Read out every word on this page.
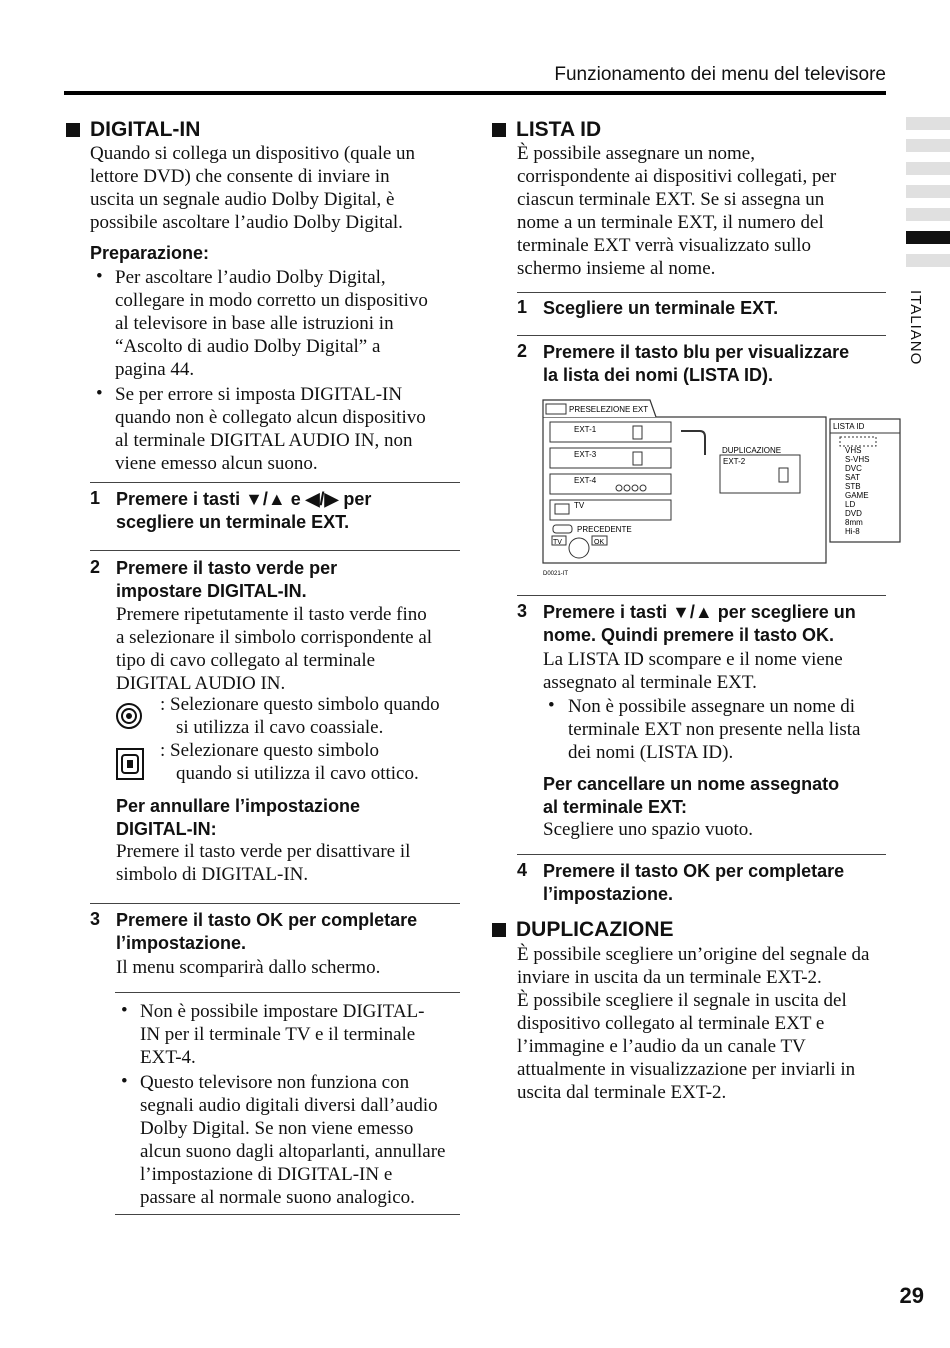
Funzionamento dei menu del televisore
ITALIANO
DIGITAL-IN
Quando si collega un dispositivo (quale un
lettore DVD) che consente di inviare in
uscita un segnale audio Dolby Digital, è
possibile ascoltare l’audio Dolby Digital.
Preparazione:
• Per ascoltare l’audio Dolby Digital,
collegare in modo corretto un dispositivo
al televisore in base alle istruzioni in
“Ascolto di audio Dolby Digital” a
pagina 44.
• Se per errore si imposta DIGITAL-IN
quando non è collegato alcun dispositivo
al terminale DIGITAL AUDIO IN, non
viene emesso alcun suono.
1 Premere i tasti ▼/▲ e ◀/▶ per
scegliere un terminale EXT.
2 Premere il tasto verde per
impostare DIGITAL-IN.
Premere ripetutamente il tasto verde fino
a selezionare il simbolo corrispondente al
tipo di cavo collegato al terminale
DIGITAL AUDIO IN.
: Selezionare questo simbolo quando
si utilizza il cavo coassiale.
: Selezionare questo simbolo
quando si utilizza il cavo ottico.
Per annullare l’impostazione
DIGITAL-IN:
Premere il tasto verde per disattivare il
simbolo di DIGITAL-IN.
3 Premere il tasto OK per completare
l’impostazione.
Il menu scomparirà dallo schermo.
• Non è possibile impostare DIGITAL-
IN per il terminale TV e il terminale
EXT-4.
• Questo televisore non funziona con
segnali audio digitali diversi dall’audio
Dolby Digital. Se non viene emesso
alcun suono dagli altoparlanti, annullare
l’impostazione di DIGITAL-IN e
passare al normale suono analogico.
LISTA ID
È possibile assegnare un nome,
corrispondente ai dispositivi collegati, per
ciascun terminale EXT. Se si assegna un
nome a un terminale EXT, il numero del
terminale EXT verrà visualizzato sullo
schermo insieme al nome.
1 Scegliere un terminale EXT.
2 Premere il tasto blu per visualizzare
la lista dei nomi (LISTA ID).
PRESELEZIONE EXT
EXT-1
EXT-3
EXT-4
TV
DUPLICAZIONE
EXT-2
PRECEDENTE
TV	OK
D0021-IT
LISTA ID
VHS
S-VHS
DVC
SAT
STB
GAME
LD
DVD
8mm
Hi-8
3 Premere i tasti ▼/▲ per scegliere un
nome. Quindi premere il tasto OK.
La LISTA ID scompare e il nome viene
assegnato al terminale EXT.
• Non è possibile assegnare un nome di
terminale EXT non presente nella lista
dei nomi (LISTA ID).
Per cancellare un nome assegnato
al terminale EXT:
Scegliere uno spazio vuoto.
4 Premere il tasto OK per completare
l’impostazione.
DUPLICAZIONE
È possibile scegliere un’origine del segnale da
inviare in uscita da un terminale EXT-2.
È possibile scegliere il segnale in uscita del
dispositivo collegato al terminale EXT e
l’immagine e l’audio da un canale TV
attualmente in visualizzazione per inviarli in
uscita dal terminale EXT-2.
29
